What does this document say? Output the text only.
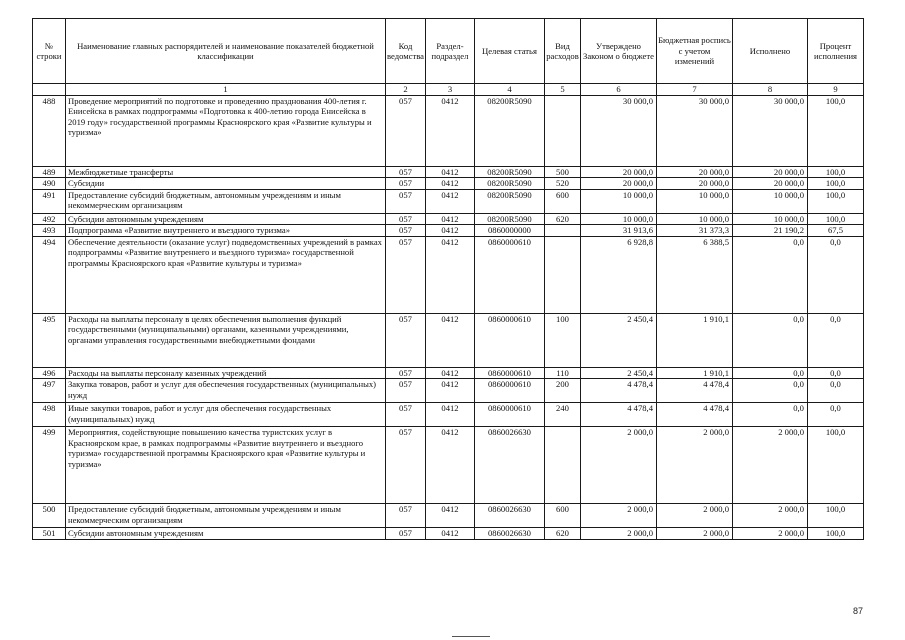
№ строки	Наименование главных распорядителей и наименование показателей бюджетной классификации	Код ведомства	Раздел-подраздел	Целевая статья	Вид расходов	Утверждено Законом о бюджете	Бюджетная роспись с учетом изменений	Исполнено	Процент исполнения
	1	2	3	4	5	6	7	8	9
488	Проведение мероприятий по подготовке и проведению празднования 400-летия г. Енисейска в рамках подпрограммы «Подготовка к 400-летию города Енисейска в 2019 году» государственной программы Красноярского края «Развитие культуры и туризма»	057	0412	08200R5090		30 000,0	30 000,0	30 000,0	100,0
489	Межбюджетные трансферты	057	0412	08200R5090	500	20 000,0	20 000,0	20 000,0	100,0
490	Субсидии	057	0412	08200R5090	520	20 000,0	20 000,0	20 000,0	100,0
491	Предоставление субсидий бюджетным, автономным учреждениям и иным некоммерческим организациям	057	0412	08200R5090	600	10 000,0	10 000,0	10 000,0	100,0
492	Субсидии автономным учреждениям	057	0412	08200R5090	620	10 000,0	10 000,0	10 000,0	100,0
493	Подпрограмма «Развитие внутреннего и въездного туризма»	057	0412	0860000000		31 913,6	31 373,3	21 190,2	67,5
494	Обеспечение деятельности (оказание услуг) подведомственных учреждений в рамках подпрограммы «Развитие внутреннего и въездного туризма» государственной программы Красноярского края «Развитие культуры и туризма»	057	0412	0860000610		6 928,8	6 388,5	0,0	0,0
495	Расходы на выплаты персоналу в целях обеспечения выполнения функций государственными (муниципальными) органами, казенными учреждениями, органами управления государственными внебюджетными фондами	057	0412	0860000610	100	2 450,4	1 910,1	0,0	0,0
496	Расходы на выплаты персоналу казенных учреждений	057	0412	0860000610	110	2 450,4	1 910,1	0,0	0,0
497	Закупка товаров, работ и услуг для обеспечения государственных (муниципальных) нужд	057	0412	0860000610	200	4 478,4	4 478,4	0,0	0,0
498	Иные закупки товаров, работ и услуг для обеспечения государственных (муниципальных) нужд	057	0412	0860000610	240	4 478,4	4 478,4	0,0	0,0
499	Мероприятия, содействующие повышению качества туристских услуг в Красноярском крае, в рамках подпрограммы «Развитие внутреннего и въездного туризма» государственной программы Красноярского края «Развитие культуры и туризма»	057	0412	0860026630		2 000,0	2 000,0	2 000,0	100,0
500	Предоставление субсидий бюджетным, автономным учреждениям и иным некоммерческим организациям	057	0412	0860026630	600	2 000,0	2 000,0	2 000,0	100,0
501	Субсидии автономным учреждениям	057	0412	0860026630	620	2 000,0	2 000,0	2 000,0	100,0
87
